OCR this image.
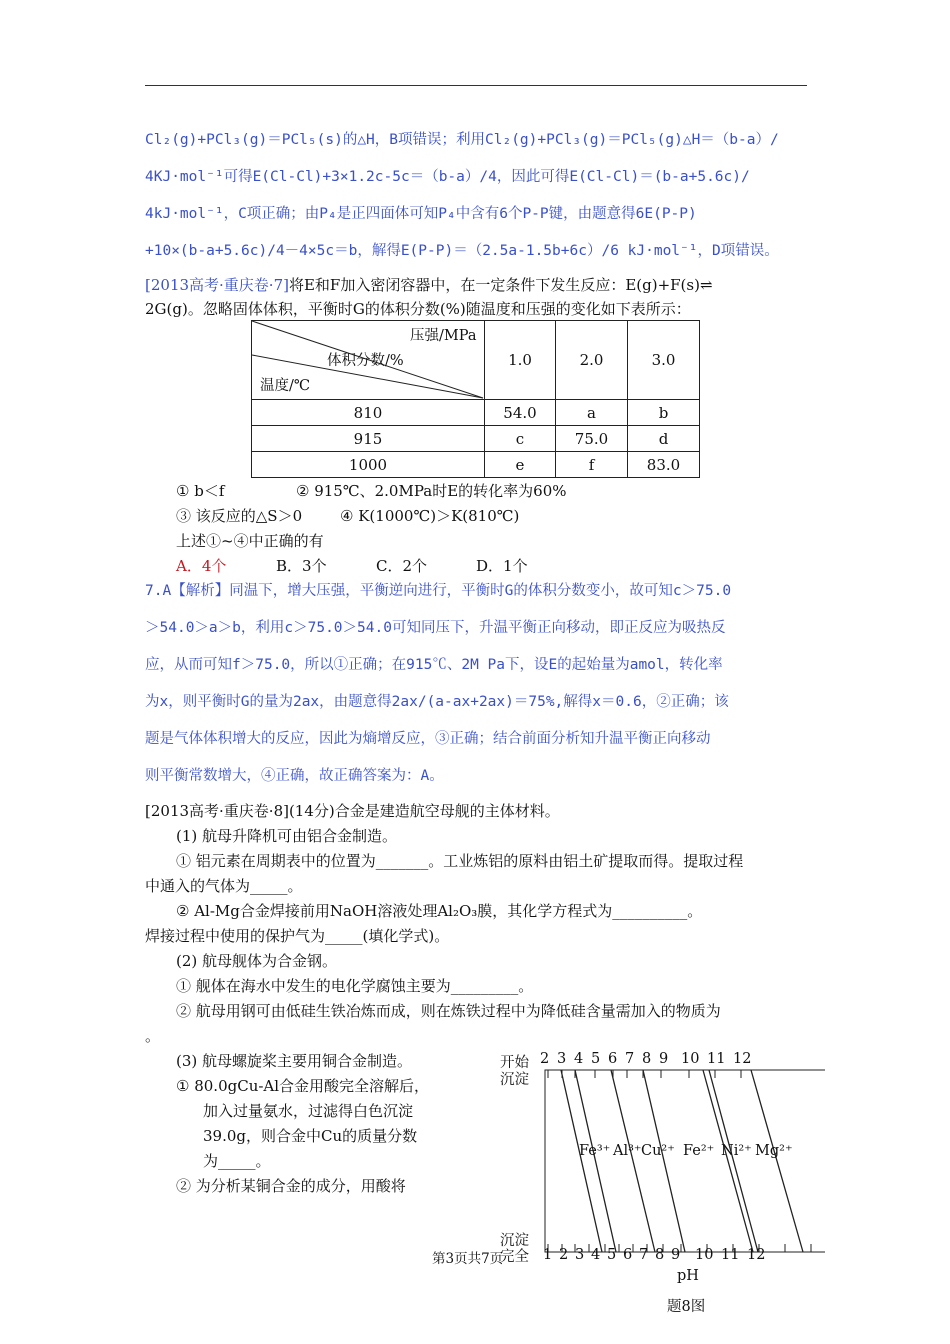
Cl₂(g)+PCl₃(g)＝PCl₅(s)的△H，B项错误；利用Cl₂(g)+PCl₃(g)＝PCl₅(g)△H＝（b-a）/
4KJ·mol⁻¹可得E(Cl-Cl)+3×1.2c-5c＝（b-a）/4，因此可得E(Cl-Cl)＝(b-a+5.6c)/
4kJ·mol⁻¹，C项正确；由P₄是正四面体可知P₄中含有6个P-P键，由题意得6E(P-P)
+10×(b-a+5.6c)/4－4×5c＝b，解得E(P-P)＝（2.5a-1.5b+6c）/6 kJ·mol⁻¹，D项错误。
[2013高考·重庆卷·7]将E和F加入密闭容器中，在一定条件下发生反应：E(g)+F(s)⇌
2G(g)。忽略固体体积，平衡时G的体积分数(%)随温度和压强的变化如下表所示：
压强/MPa
体积分数/%
温度/℃	1.0	2.0	3.0
810	54.0	a	b
915	c	75.0	d
1000	e	f	83.0
① b＜f	② 915℃、2.0MPa时E的转化率为60%
③ 该反应的△S＞0	④ K(1000℃)＞K(810℃)
上述①~④中正确的有
A．4个	B．3个	C．2个	D．1个
7.A【解析】同温下，增大压强，平衡逆向进行，平衡时G的体积分数变小，故可知c＞75.0
＞54.0＞a＞b，利用c＞75.0＞54.0可知同压下，升温平衡正向移动，即正反应为吸热反
应，从而可知f＞75.0，所以①正确；在915℃、2M Pa下，设E的起始量为amol，转化率
为x，则平衡时G的量为2ax，由题意得2ax/(a-ax+2ax)＝75%,解得x＝0.6，②正确；该
题是气体体积增大的反应，因此为熵增反应，③正确；结合前面分析知升温平衡正向移动
则平衡常数增大，④正确，故正确答案为：A。
[2013高考·重庆卷·8](14分)合金是建造航空母舰的主体材料。
(1) 航母升降机可由铝合金制造。
① 铝元素在周期表中的位置为_______。工业炼铝的原料由铝土矿提取而得。提取过程
中通入的气体为_____。
② Al-Mg合金焊接前用NaOH溶液处理Al₂O₃膜，其化学方程式为__________。
焊接过程中使用的保护气为_____(填化学式)。
(2) 航母舰体为合金钢。
① 舰体在海水中发生的电化学腐蚀主要为_________。
② 航母用钢可由低硅生铁冶炼而成，则在炼铁过程中为降低硅含量需加入的物质为
。
(3) 航母螺旋桨主要用铜合金制造。
① 80.0gCu-Al合金用酸完全溶解后，
加入过量氨水，过滤得白色沉淀
39.0g，则合金中Cu的质量分数
为_____。
② 为分析某铜合金的成分，用酸将
开始
沉淀
2 3 4 5 6 7 8 9 10 11 12
Fe³⁺ Al³⁺ Cu²⁺ Fe²⁺ Ni²⁺ Mg²⁺
沉淀
完全 1 2 3 4 5 6 7 8 9 10 11 12
pH
题8图
第3页共7页
